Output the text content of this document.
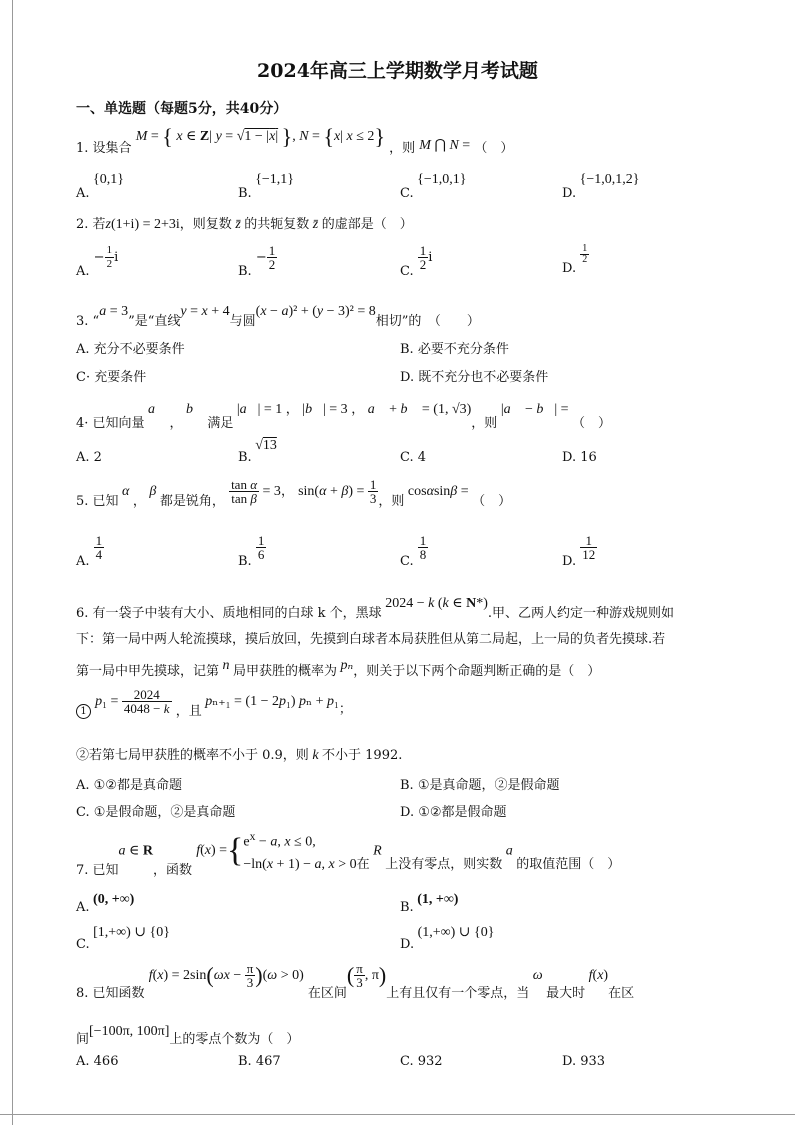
2024年高三上学期数学月考试题
一、单选题（每题5分，共40分）
1. 设集合 M = { x ∈ Z| y = √1 − |x| }, N = {x| x ≤ 2} ，则 M ⋂ N = （　）
A. {0,1}
B. {−1,1}
C. {−1,0,1}
D. {−1,0,1,2}
2. 若z(1+i) = 2+3i，则复数 z̄ 的共轭复数 z̄ 的虚部是（　）
A. − $\frac{1}{2}$ i
B. − $\frac{1}{2}$
C.
$\frac{1}{2}$ i
D.
$\frac{1}{2}$
3. “a = 3”是“直线y = x + 4与圆(x − a)² + (y − 3)² = 8相切”的　（　　）
A. 充分不必要条件	B. 必要不充分条件
C· 充要条件	D. 既不充分也不必要条件
4· 已知向量 a⃗ ， b⃗ 满足 |a⃗| = 1 ， |b⃗| = 3 ， a⃗ + b⃗ = (1, √3)，则 |a⃗ − b⃗| = （　）
A. 2	B. √13
C. 4	D. 16
5. 已知 α ， β 都是锐角， $\frac{\text{tan α}}{\text{tan β}} = 3$， $\sin(\alpha + \beta) = \frac{1}{3}$ ，则 cosαsinβ = （　）
A.
$\frac{1}{4}$
B.
$\frac{1}{6}$
C.
$\frac{1}{8}$
D.
$\frac{1}{12}$
6. 有一袋子中装有大小、质地相同的白球 k 个，黑球 2024 − k (k ∈ N*).甲、乙两人约定一种游戏规则如
下：第一局中两人轮流摸球，摸后放回，先摸到白球者本局获胜但从第二局起，上一局的负者先摸球.若
第一局中甲先摸球，记第 n 局甲获胜的概率为 pₙ，则关于以下两个命题判断正确的是（　）
1 $p_1 = \frac{2024}{4048 - k}$ ，且 pₙ₊₁ = (1 − 2p₁) pₙ + p₁；
②若第七局甲获胜的概率不小于 0.9，则 k 不小于 1992.
A. ①②都是真命题	B. ①是真命题，②是假命题
C. ①是假命题，②是真命题	D. ①②都是假命题
7. 已知a ∈ R，函数 $f(x) =\{e^x - a$, x ≤ 0,
−ln(x + 1) − a, x > 0在 R 上没有零点，则实数 a 的取值范围（　）
A. (0, +∞)
B. (1, +∞)
C. [1,+∞) ∪ {0}
D. (1,+∞) ∪ {0}
8. 已知函数 $f(x) = 2\sin(\omega x - \frac{\pi}{3} )(\omega > 0)$ 在区间( $\frac{\pi}{3}$ , π)上有且仅有一个零点，当 ω 最大时 f(x)在区
间[−100π, 100π]上的零点个数为（　）
A. 466	B. 467	C. 932	D. 933
